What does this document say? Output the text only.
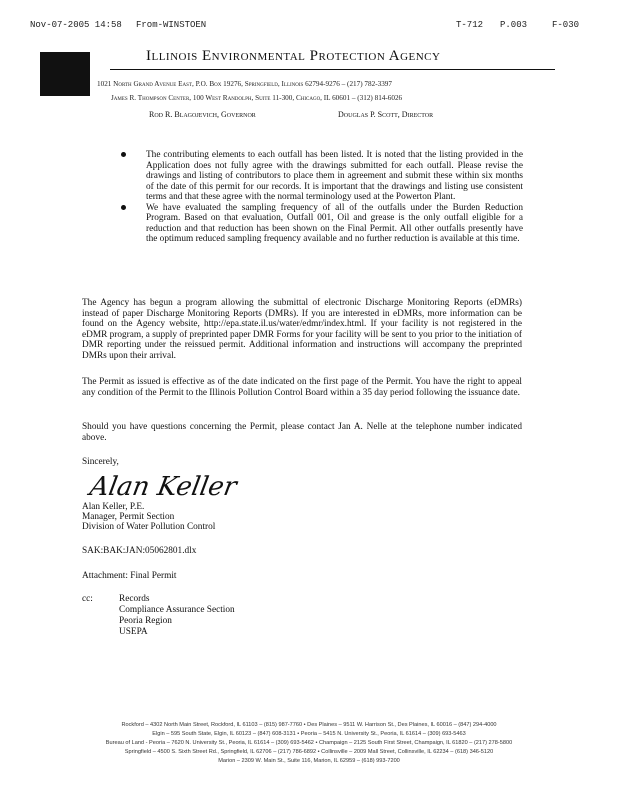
Nov-07-2005 14:58 From-WINSTOEN	T-712 P.003	F-030
Illinois Environmental Protection Agency
1021 North Grand Avenue East, P.O. Box 19276, Springfield, Illinois 62794-9276 – (217) 782-3397
James R. Thompson Center, 100 West Randolph, Suite 11-300, Chicago, IL 60601 – (312) 814-6026
Rod R. Blagojevich, Governor	Douglas P. Scott, Director
The contributing elements to each outfall has been listed. It is noted that the listing provided in the Application does not fully agree with the drawings submitted for each outfall. Please revise the drawings and listing of contributors to place them in agreement and submit these within six months of the date of this permit for our records. It is important that the drawings and listing use consistent terms and that these agree with the normal terminology used at the Powerton Plant.
We have evaluated the sampling frequency of all of the outfalls under the Burden Reduction Program. Based on that evaluation, Outfall 001, Oil and grease is the only outfall eligible for a reduction and that reduction has been shown on the Final Permit. All other outfalls presently have the optimum reduced sampling frequency available and no further reduction is available at this time.
The Agency has begun a program allowing the submittal of electronic Discharge Monitoring Reports (eDMRs) instead of paper Discharge Monitoring Reports (DMRs). If you are interested in eDMRs, more information can be found on the Agency website, http://epa.state.il.us/water/edmr/index.html. If your facility is not registered in the eDMR program, a supply of preprinted paper DMR Forms for your facility will be sent to you prior to the initiation of DMR reporting under the reissued permit. Additional information and instructions will accompany the preprinted DMRs upon their arrival.
The Permit as issued is effective as of the date indicated on the first page of the Permit. You have the right to appeal any condition of the Permit to the Illinois Pollution Control Board within a 35 day period following the issuance date.
Should you have questions concerning the Permit, please contact Jan A. Nelle at the telephone number indicated above.
Sincerely,
Alan Keller
Alan Keller, P.E.
Manager, Permit Section
Division of Water Pollution Control
SAK:BAK:JAN:05062801.dlx
Attachment: Final Permit
cc:	Records
Compliance Assurance Section
Peoria Region
USEPA
Rockford – 4302 North Main Street, Rockford, IL 61103 – (815) 987-7760 • Des Plaines – 9511 W. Harrison St., Des Plaines, IL 60016 – (847) 294-4000
Elgin – 595 South State, Elgin, IL 60123 – (847) 608-3131 • Peoria – 5415 N. University St., Peoria, IL 61614 – (309) 693-5463
Bureau of Land - Peoria – 7620 N. University St., Peoria, IL 61614 – (309) 693-5462 • Champaign – 2125 South First Street, Champaign, IL 61820 – (217) 278-5800
Springfield – 4500 S. Sixth Street Rd., Springfield, IL 62706 – (217) 786-6892 • Collinsville – 2009 Mall Street, Collinsville, IL 62234 – (618) 346-5120
Marion – 2309 W. Main St., Suite 116, Marion, IL 62959 – (618) 993-7200
